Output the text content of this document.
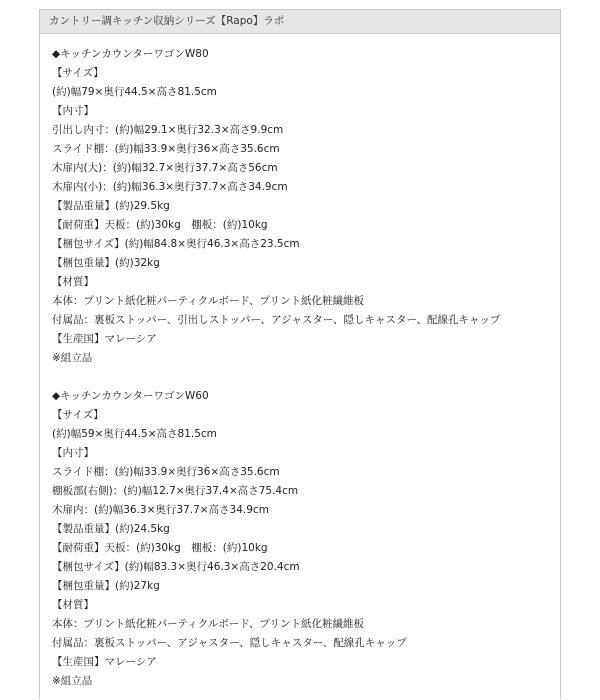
カントリー調キッチン収納シリーズ【Rapo】ラポ
◆キッチンカウンターワゴンW80
【サイズ】
(約)幅79×奥行44.5×高さ81.5cm
【内寸】
引出し内寸：(約)幅29.1×奥行32.3×高さ9.9cm
スライド棚：(約)幅33.9×奥行36×高さ35.6cm
木扉内(大)：(約)幅32.7×奥行37.7×高さ56cm
木扉内(小)：(約)幅36.3×奥行37.7×高さ34.9cm
【製品重量】(約)29.5kg
【耐荷重】天板：(約)30kg　棚板：(約)10kg
【梱包サイズ】(約)幅84.8×奥行46.3×高さ23.5cm
【梱包重量】(約)32kg
【材質】
本体：プリント紙化粧パーティクルボード、プリント紙化粧繊維板
付属品：裏板ストッパー、引出しストッパー、アジャスター、隠しキャスター、配線孔キャップ
【生産国】マレーシア
※組立品
◆キッチンカウンターワゴンW60
【サイズ】
(約)幅59×奥行44.5×高さ81.5cm
【内寸】
スライド棚：(約)幅33.9×奥行36×高さ35.6cm
棚板部(右側)：(約)幅12.7×奥行37.4×高さ75.4cm
木扉内：(約)幅36.3×奥行37.7×高さ34.9cm
【製品重量】(約)24.5kg
【耐荷重】天板：(約)30kg　棚板：(約)10kg
【梱包サイズ】(約)幅83.3×奥行46.3×高さ20.4cm
【梱包重量】(約)27kg
【材質】
本体：プリント紙化粧パーティクルボード、プリント紙化粧繊維板
付属品：裏板ストッパー、アジャスター、隠しキャスター、配線孔キャップ
【生産国】マレーシア
※組立品
